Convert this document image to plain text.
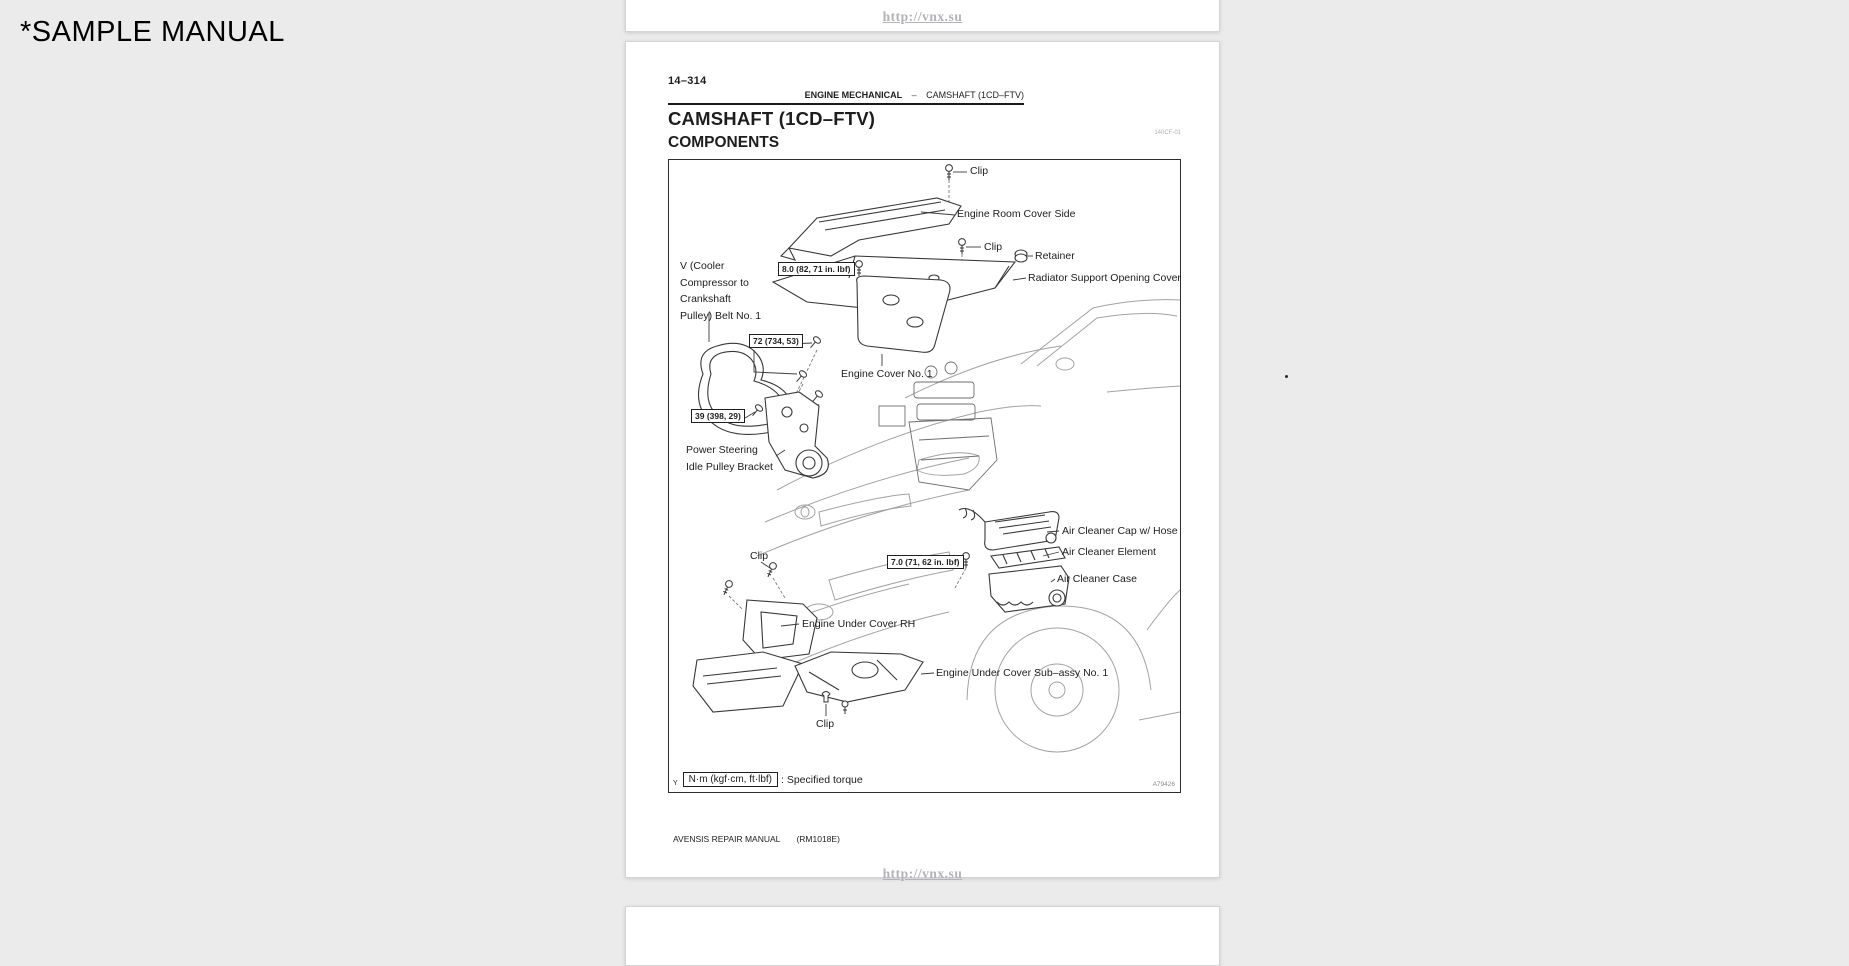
*SAMPLE MANUAL	http://vnx.su
14–314
ENGINE MECHANICAL – CAMSHAFT (1CD–FTV)
CAMSHAFT (1CD–FTV)
COMPONENTS
140CF-01
Clip
Engine Room Cover Side
Clip
Retainer
Radiator Support Opening Cover
V (Cooler
Compressor to
Crankshaft
Pulley) Belt No. 1
Engine Cover No. 1
Power Steering
Idle Pulley Bracket
Clip
Air Cleaner Cap w/ Hose
Air Cleaner Element
Air Cleaner Case
Engine Under Cover RH
Engine Under Cover Sub–assy No. 1
Clip
8.0 (82, 71 in. lbf)
72 (734, 53)
39 (398, 29)
7.0 (71, 62 in. lbf)
Y	N·m (kgf·cm, ft·lbf) : Specified torque	A79426
AVENSIS REPAIR MANUAL (RM1018E)
http://vnx.su
